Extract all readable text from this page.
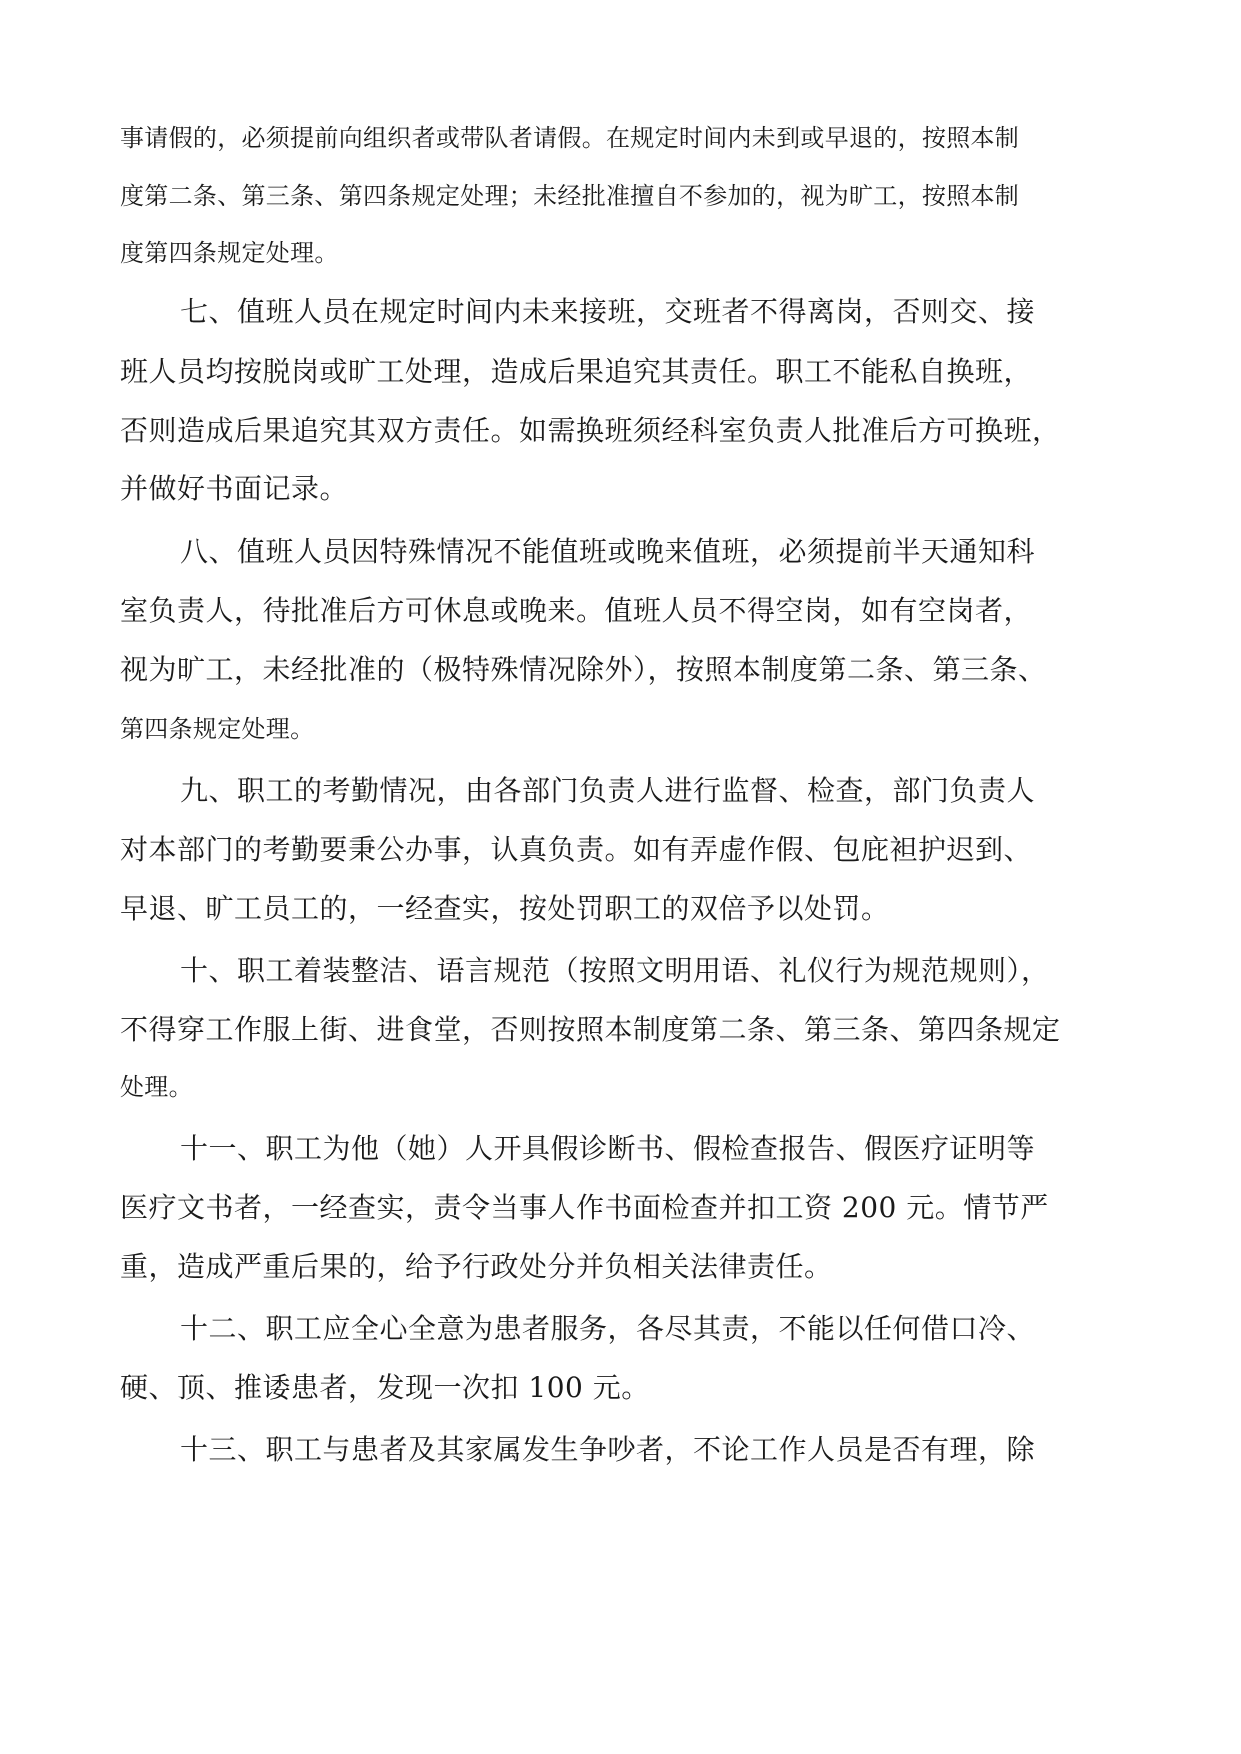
事请假的，必须提前向组织者或带队者请假。在规定时间内未到或早退的，按照本制
度第二条、第三条、第四条规定处理；未经批准擅自不参加的，视为旷工，按照本制
度第四条规定处理。
七、值班人员在规定时间内未来接班，交班者不得离岗，否则交、接
班人员均按脱岗或旷工处理，造成后果追究其责任。职工不能私自换班，
否则造成后果追究其双方责任。如需换班须经科室负责人批准后方可换班，
并做好书面记录。
八、值班人员因特殊情况不能值班或晚来值班，必须提前半天通知科
室负责人，待批准后方可休息或晚来。值班人员不得空岗，如有空岗者，
视为旷工，未经批准的（极特殊情况除外），按照本制度第二条、第三条、
第四条规定处理。
九、职工的考勤情况，由各部门负责人进行监督、检查，部门负责人
对本部门的考勤要秉公办事，认真负责。如有弄虚作假、包庇袒护迟到、
早退、旷工员工的，一经查实，按处罚职工的双倍予以处罚。
十、职工着装整洁、语言规范（按照文明用语、礼仪行为规范规则），
不得穿工作服上街、进食堂，否则按照本制度第二条、第三条、第四条规定
处理。
十一、职工为他（她）人开具假诊断书、假检查报告、假医疗证明等
医疗文书者，一经查实，责令当事人作书面检查并扣工资 200 元。情节严
重，造成严重后果的，给予行政处分并负相关法律责任。
十二、职工应全心全意为患者服务，各尽其责，不能以任何借口冷、
硬、顶、推诿患者，发现一次扣 100 元。
十三、职工与患者及其家属发生争吵者，不论工作人员是否有理，除
